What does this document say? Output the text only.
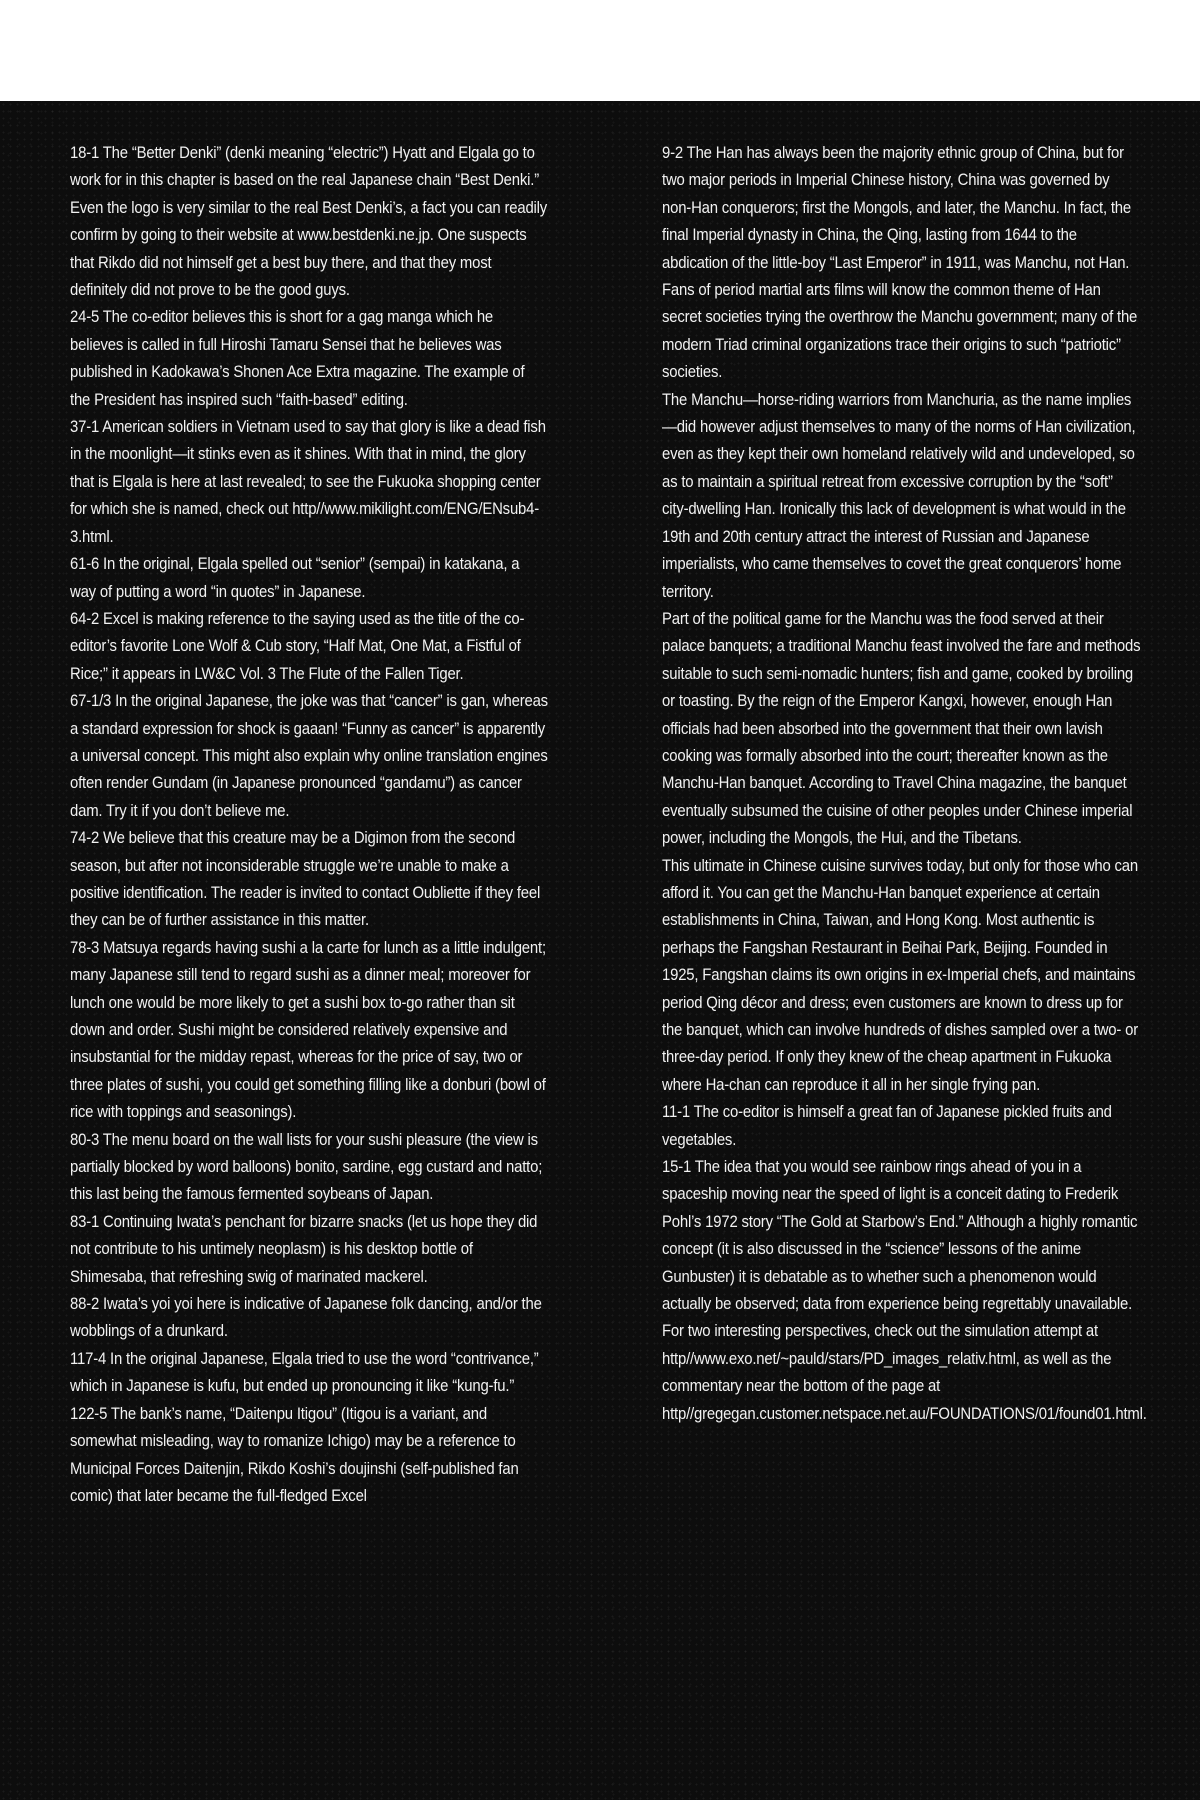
18-1 The “Better Denki” (denki meaning “electric”) Hyatt and Elgala go to work for in this chapter is based on the real Japanese chain “Best Denki.” Even the logo is very similar to the real Best Denki’s, a fact you can readily confirm by going to their website at www.bestdenki.ne.jp. One suspects that Rikdo did not himself get a best buy there, and that they most definitely did not prove to be the good guys.

24-5 The co-editor believes this is short for a gag manga which he believes is called in full Hiroshi Tamaru Sensei that he believes was published in Kadokawa’s Shonen Ace Extra magazine. The example of the President has inspired such “faith-based” editing.

37-1 American soldiers in Vietnam used to say that glory is like a dead fish in the moonlight—it stinks even as it shines. With that in mind, the glory that is Elgala is here at last revealed; to see the Fukuoka shopping center for which she is named, check out http//www.mikilight.com/ENG/ENsub4-3.html.

61-6 In the original, Elgala spelled out “senior” (sempai) in katakana, a way of putting a word “in quotes” in Japanese.

64-2 Excel is making reference to the saying used as the title of the co-editor’s favorite Lone Wolf & Cub story, “Half Mat, One Mat, a Fistful of Rice;” it appears in LW&C Vol. 3 The Flute of the Fallen Tiger.

67-1/3 In the original Japanese, the joke was that “cancer” is gan, whereas a standard expression for shock is gaaan! “Funny as cancer” is apparently a universal concept. This might also explain why online translation engines often render Gundam (in Japanese pronounced “gandamu”) as cancer dam. Try it if you don’t believe me.

74-2 We believe that this creature may be a Digimon from the second season, but after not inconsiderable struggle we’re unable to make a positive identification. The reader is invited to contact Oubliette if they feel they can be of further assistance in this matter.

78-3 Matsuya regards having sushi a la carte for lunch as a little indulgent; many Japanese still tend to regard sushi as a dinner meal; moreover for lunch one would be more likely to get a sushi box to-go rather than sit down and order. Sushi might be considered relatively expensive and insubstantial for the midday repast, whereas for the price of say, two or three plates of sushi, you could get something filling like a donburi (bowl of rice with toppings and seasonings).

80-3 The menu board on the wall lists for your sushi pleasure (the view is partially blocked by word balloons) bonito, sardine, egg custard and natto; this last being the famous fermented soybeans of Japan.

83-1 Continuing Iwata’s penchant for bizarre snacks (let us hope they did not contribute to his untimely neoplasm) is his desktop bottle of Shimesaba, that refreshing swig of marinated mackerel.

88-2 Iwata’s yoi yoi here is indicative of Japanese folk dancing, and/or the wobblings of a drunkard.

117-4 In the original Japanese, Elgala tried to use the word “contrivance,” which in Japanese is kufu, but ended up pronouncing it like “kung-fu.”

122-5 The bank’s name, “Daitenpu Itigou” (Itigou is a variant, and somewhat misleading, way to romanize Ichigo) may be a reference to Municipal Forces Daitenjin, Rikdo Koshi’s doujinshi (self-published fan comic) that later became the full-fledged Excel

9-2 The Han has always been the majority ethnic group of China, but for two major periods in Imperial Chinese history, China was governed by non-Han conquerors; first the Mongols, and later, the Manchu. In fact, the final Imperial dynasty in China, the Qing, lasting from 1644 to the abdication of the little-boy “Last Emperor” in 1911, was Manchu, not Han. Fans of period martial arts films will know the common theme of Han secret societies trying the overthrow the Manchu government; many of the modern Triad criminal organizations trace their origins to such “patriotic” societies.

The Manchu—horse-riding warriors from Manchuria, as the name implies—did however adjust themselves to many of the norms of Han civilization, even as they kept their own homeland relatively wild and undeveloped, so as to maintain a spiritual retreat from excessive corruption by the “soft” city-dwelling Han. Ironically this lack of development is what would in the 19th and 20th century attract the interest of Russian and Japanese imperialists, who came themselves to covet the great conquerors’ home territory.

Part of the political game for the Manchu was the food served at their palace banquets; a traditional Manchu feast involved the fare and methods suitable to such semi-nomadic hunters; fish and game, cooked by broiling or toasting. By the reign of the Emperor Kangxi, however, enough Han officials had been absorbed into the government that their own lavish cooking was formally absorbed into the court; thereafter known as the Manchu-Han banquet. According to Travel China magazine, the banquet eventually subsumed the cuisine of other peoples under Chinese imperial power, including the Mongols, the Hui, and the Tibetans.

This ultimate in Chinese cuisine survives today, but only for those who can afford it. You can get the Manchu-Han banquet experience at certain establishments in China, Taiwan, and Hong Kong. Most authentic is perhaps the Fangshan Restaurant in Beihai Park, Beijing. Founded in 1925, Fangshan claims its own origins in ex-Imperial chefs, and maintains period Qing décor and dress; even customers are known to dress up for the banquet, which can involve hundreds of dishes sampled over a two- or three-day period. If only they knew of the cheap apartment in Fukuoka where Ha-chan can reproduce it all in her single frying pan.

11-1 The co-editor is himself a great fan of Japanese pickled fruits and vegetables.

15-1 The idea that you would see rainbow rings ahead of you in a spaceship moving near the speed of light is a conceit dating to Frederik Pohl’s 1972 story “The Gold at Starbow’s End.” Although a highly romantic concept (it is also discussed in the “science” lessons of the anime Gunbuster) it is debatable as to whether such a phenomenon would actually be observed; data from experience being regrettably unavailable. For two interesting perspectives, check out the simulation attempt at http//www.exo.net/~pauld/stars/PD_images_relativ.html, as well as the commentary near the bottom of the page at http//gregegan.customer.netspace.net.au/FOUNDATIONS/01/found01.html.
